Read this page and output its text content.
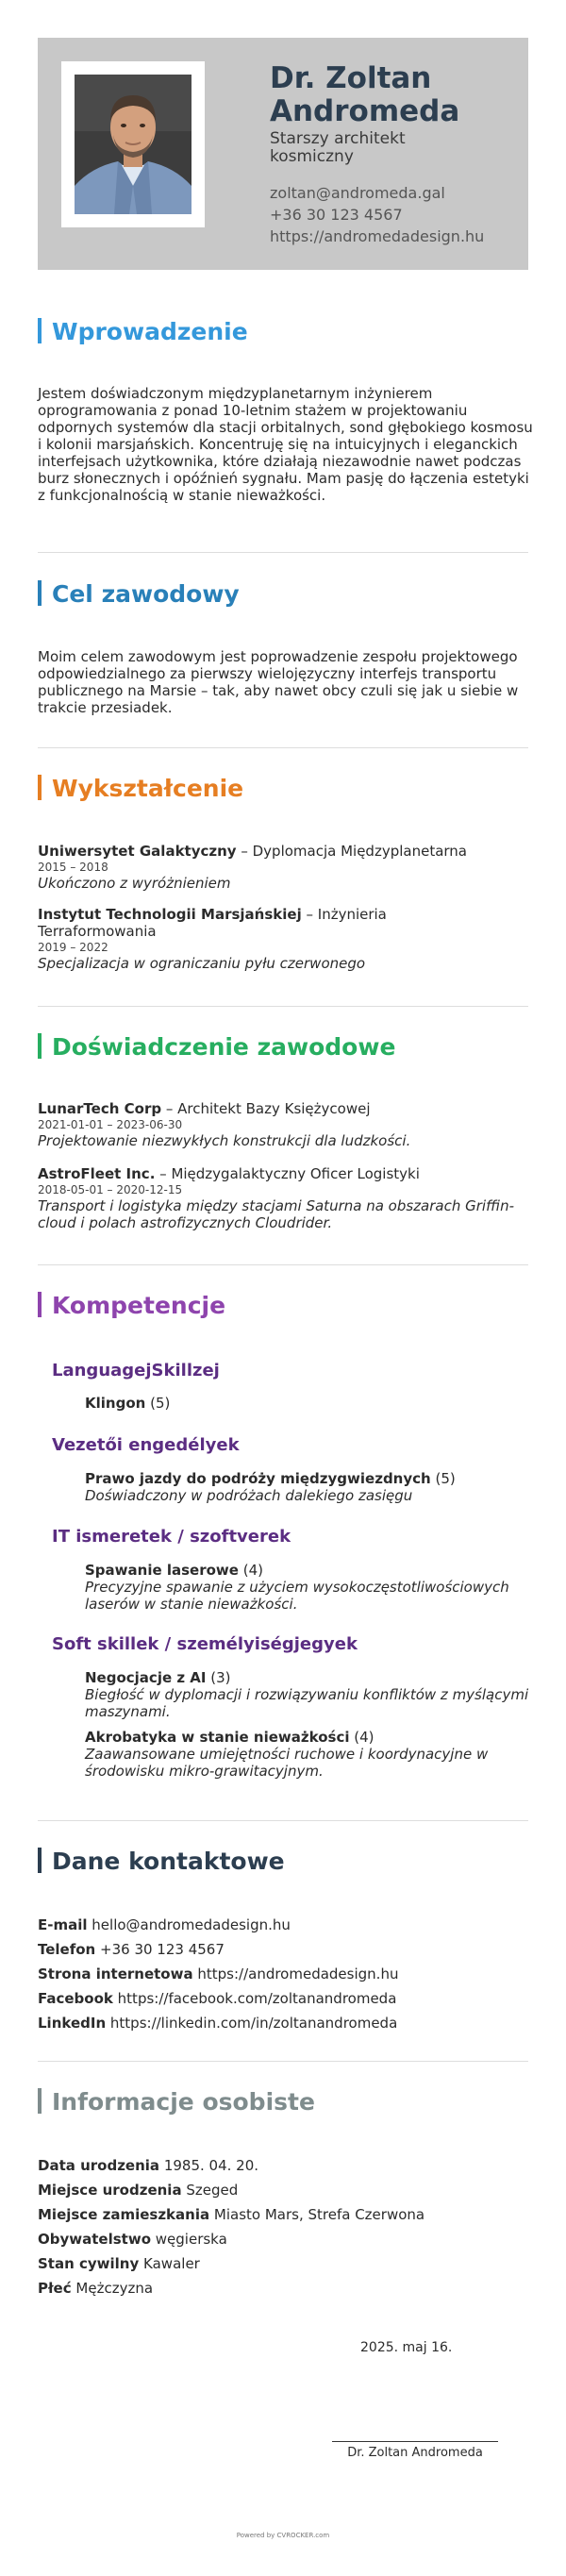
Dr. Zoltan Andromeda
Starszy architekt kosmiczny
zoltan@andromeda.gal
+36 30 123 4567
https://andromedadesign.hu
Wprowadzenie
Jestem doświadczonym międzyplanetarnym inżynierem oprogramowania z ponad 10-letnim stażem w projektowaniu odpornych systemów dla stacji orbitalnych, sond głębokiego kosmosu i kolonii marsjańskich. Koncentruję się na intuicyjnych i eleganckich interfejsach użytkownika, które działają niezawodnie nawet podczas burz słonecznych i opóźnień sygnału. Mam pasję do łączenia estetyki z funkcjonalnością w stanie nieważkości.
Cel zawodowy
Moim celem zawodowym jest poprowadzenie zespołu projektowego odpowiedzialnego za pierwszy wielojęzyczny interfejs transportu publicznego na Marsie – tak, aby nawet obcy czuli się jak u siebie w trakcie przesiadek.
Wykształcenie
Uniwersytet Galaktyczny – Dyplomacja Międzyplanetarna
2015 – 2018
Ukończono z wyróżnieniem
Instytut Technologii Marsjańskiej – Inżynieria Terraformowania
2019 – 2022
Specjalizacja w ograniczaniu pyłu czerwonego
Doświadczenie zawodowe
LunarTech Corp – Architekt Bazy Księżycowej
2021-01-01 – 2023-06-30
Projektowanie niezwykłych konstrukcji dla ludzkości.
AstroFleet Inc. – Międzygalaktyczny Oficer Logistyki
2018-05-01 – 2020-12-15
Transport i logistyka między stacjami Saturna na obszarach Griffin-cloud i polach astrofizycznych Cloudrider.
Kompetencje
LanguagejSkillzej
Klingon (5)
Vezetői engedélyek
Prawo jazdy do podróży międzygwiezdnych (5)
Doświadczony w podróżach dalekiego zasięgu
IT ismeretek / szoftverek
Spawanie laserowe (4)
Precyzyjne spawanie z użyciem wysokoczęstotliwościowych laserów w stanie nieważkości.
Soft skillek / személyiségjegyek
Negocjacje z AI (3)
Biegłość w dyplomacji i rozwiązywaniu konfliktów z myślącymi maszynami.
Akrobatyka w stanie nieważkości (4)
Zaawansowane umiejętności ruchowe i koordynacyjne w środowisku mikro-grawitacyjnym.
Dane kontaktowe
E-mail hello@andromedadesign.hu
Telefon +36 30 123 4567
Strona internetowa https://andromedadesign.hu
Facebook https://facebook.com/zoltanandromeda
LinkedIn https://linkedin.com/in/zoltanandromeda
Informacje osobiste
Data urodzenia 1985. 04. 20.
Miejsce urodzenia Szeged
Miejsce zamieszkania Miasto Mars, Strefa Czerwona
Obywatelstwo węgierska
Stan cywilny Kawaler
Płeć Mężczyzna
2025. maj 16.
Dr. Zoltan Andromeda
Powered by CVROCKER.com
